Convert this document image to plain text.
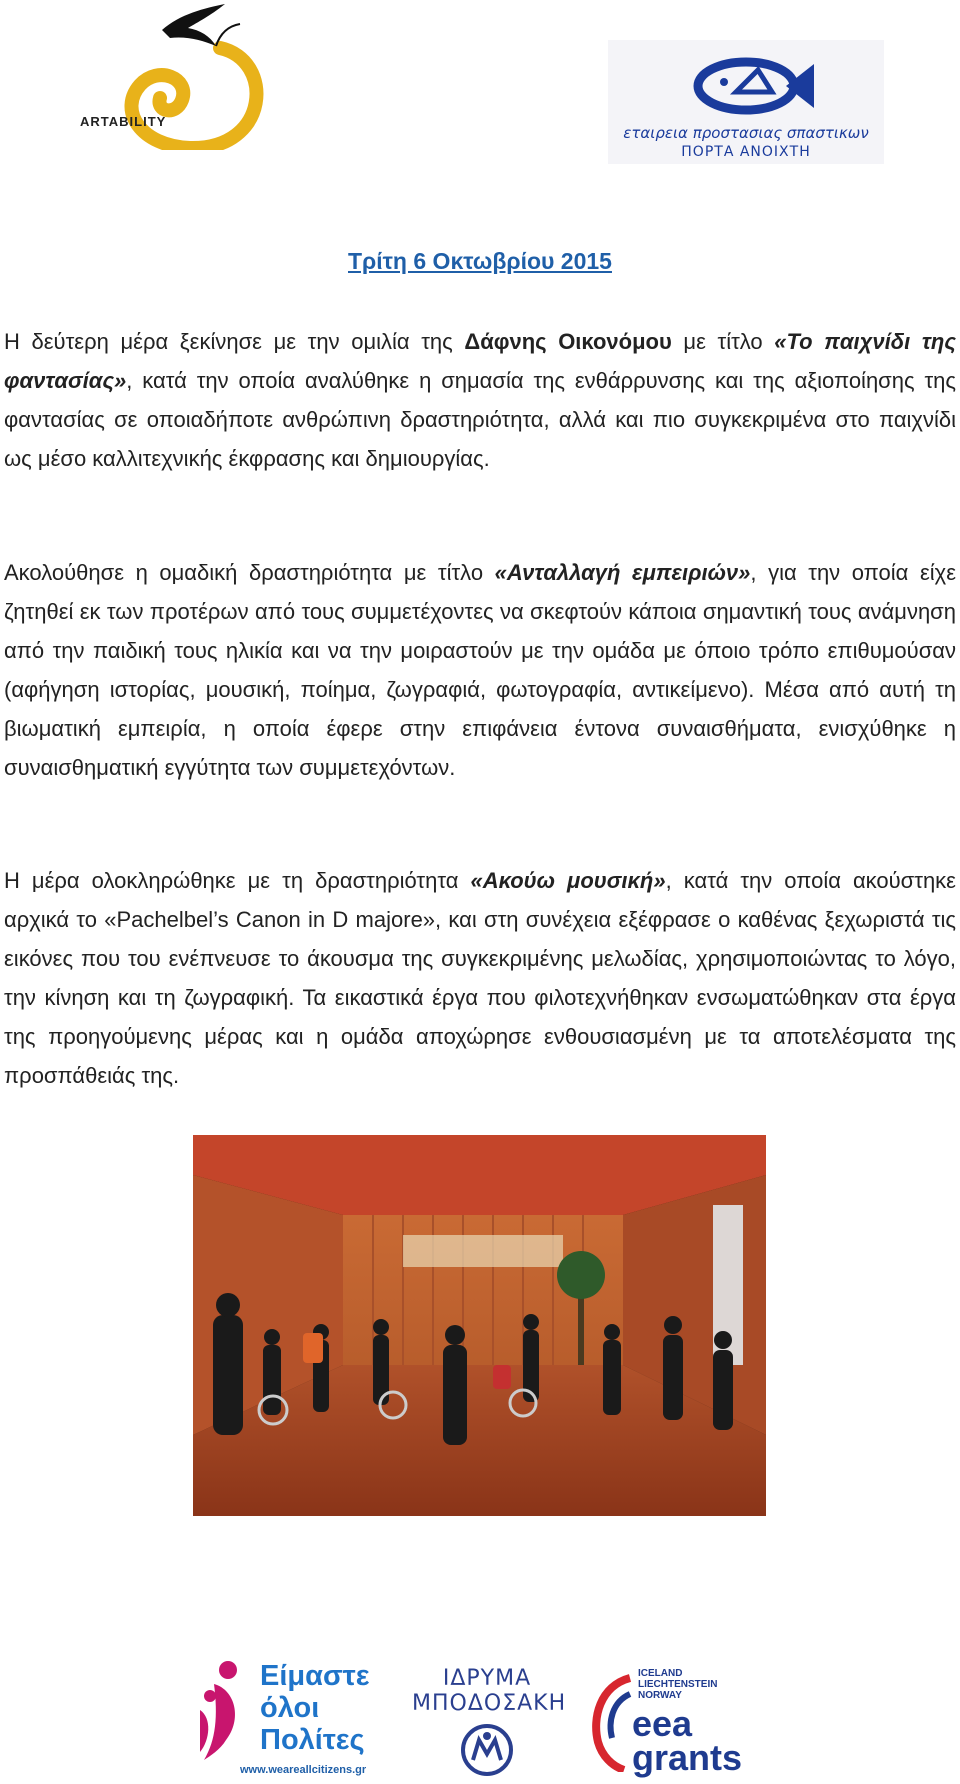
ARTABILITY
εταιρεια προστασιας σπαστικων
ΠΟΡΤΑ ΑΝΟΙΧΤΗ
Τρίτη 6 Οκτωβρίου 2015
Η δεύτερη μέρα ξεκίνησε με την ομιλία της Δάφνης Οικονόμου με τίτλο «Το παιχνίδι της φαντασίας», κατά την οποία αναλύθηκε η σημασία της ενθάρρυνσης και της αξιοποίησης της φαντασίας σε οποιαδήποτε ανθρώπινη δραστηριότητα, αλλά και πιο συγκεκριμένα στο παιχνίδι ως μέσο καλλιτεχνικής έκφρασης και δημιουργίας.
Ακολούθησε η ομαδική δραστηριότητα με τίτλο «Ανταλλαγή εμπειριών», για την οποία είχε ζητηθεί εκ των προτέρων από τους συμμετέχοντες να σκεφτούν κάποια σημαντική τους ανάμνηση από την παιδική τους ηλικία και να την μοιραστούν με την ομάδα με όποιο τρόπο επιθυμούσαν (αφήγηση ιστορίας, μουσική, ποίημα, ζωγραφιά, φωτογραφία, αντικείμενο). Μέσα από αυτή τη βιωματική εμπειρία, η οποία έφερε στην επιφάνεια έντονα συναισθήματα, ενισχύθηκε η συναισθηματική εγγύτητα των συμμετεχόντων.
Η μέρα ολοκληρώθηκε με τη δραστηριότητα «Ακούω μουσική», κατά την οποία ακούστηκε αρχικά το «Pachelbel’s Canon in D majore», και στη συνέχεια εξέφρασε ο καθένας ξεχωριστά τις εικόνες που του ενέπνευσε το άκουσμα της συγκεκριμένης μελωδίας, χρησιμοποιώντας το λόγο, την κίνηση και τη ζωγραφική. Τα εικαστικά έργα που φιλοτεχνήθηκαν ενσωματώθηκαν στα έργα της προηγούμενης μέρας και η ομάδα αποχώρησε ενθουσιασμένη με τα αποτελέσματα της προσπάθειάς της.
Είμαστε
όλοι
Πολίτες
www.weareallcitizens.gr
ΙΔΡΥΜΑ
ΜΠΟΔΟΣΑΚΗ
ICELAND
LIECHTENSTEIN
NORWAY
eea
grants
